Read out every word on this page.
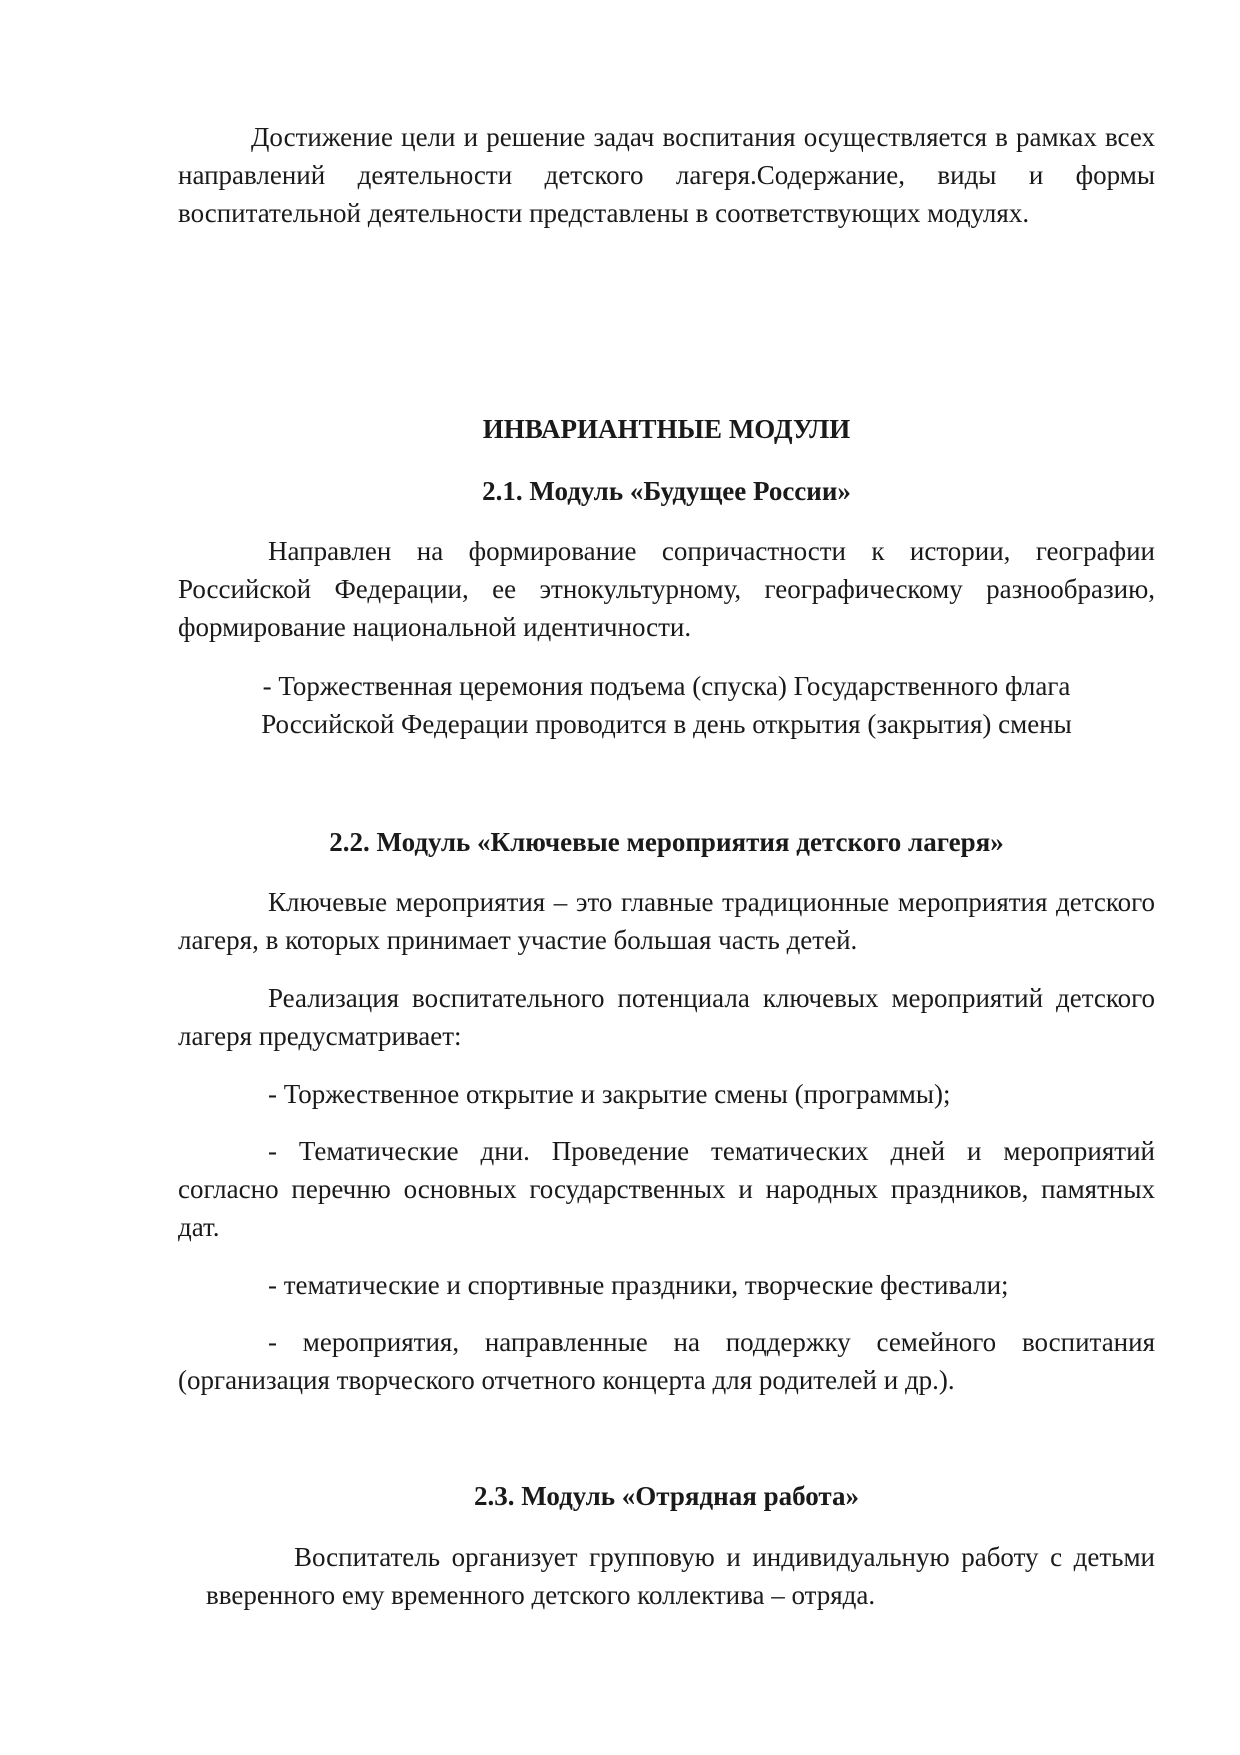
Достижение цели и решение задач воспитания осуществляется в рамках всех направлений деятельности детского лагеря.Содержание, виды и формы воспитательной деятельности представлены в соответствующих модулях.

ИНВАРИАНТНЫЕ МОДУЛИ
2.1. Модуль «Будущее России»

Направлен на формирование сопричастности к истории, географии Российской Федерации, ее этнокультурному, географическому разнообразию, формирование национальной идентичности.

- Торжественная церемония подъема (спуска) Государственного флага
Российской Федерации проводится в день открытия (закрытия) смены
2.2. Модуль «Ключевые мероприятия детского лагеря»

Ключевые мероприятия – это главные традиционные мероприятия детского лагеря, в которых принимает участие большая часть детей.

Реализация воспитательного потенциала ключевых мероприятий детского лагеря предусматривает:

- Торжественное открытие и закрытие смены (программы);

- Тематические дни. Проведение тематических дней и мероприятий согласно перечню основных государственных и народных праздников, памятных дат.

- тематические и спортивные праздники, творческие фестивали;

- мероприятия, направленные на поддержку семейного воспитания (организация творческого отчетного концерта для родителей и др.).

2.3. Модуль «Отрядная работа»

Воспитатель организует групповую и индивидуальную работу с детьми вверенного ему временного детского коллектива – отряда.
